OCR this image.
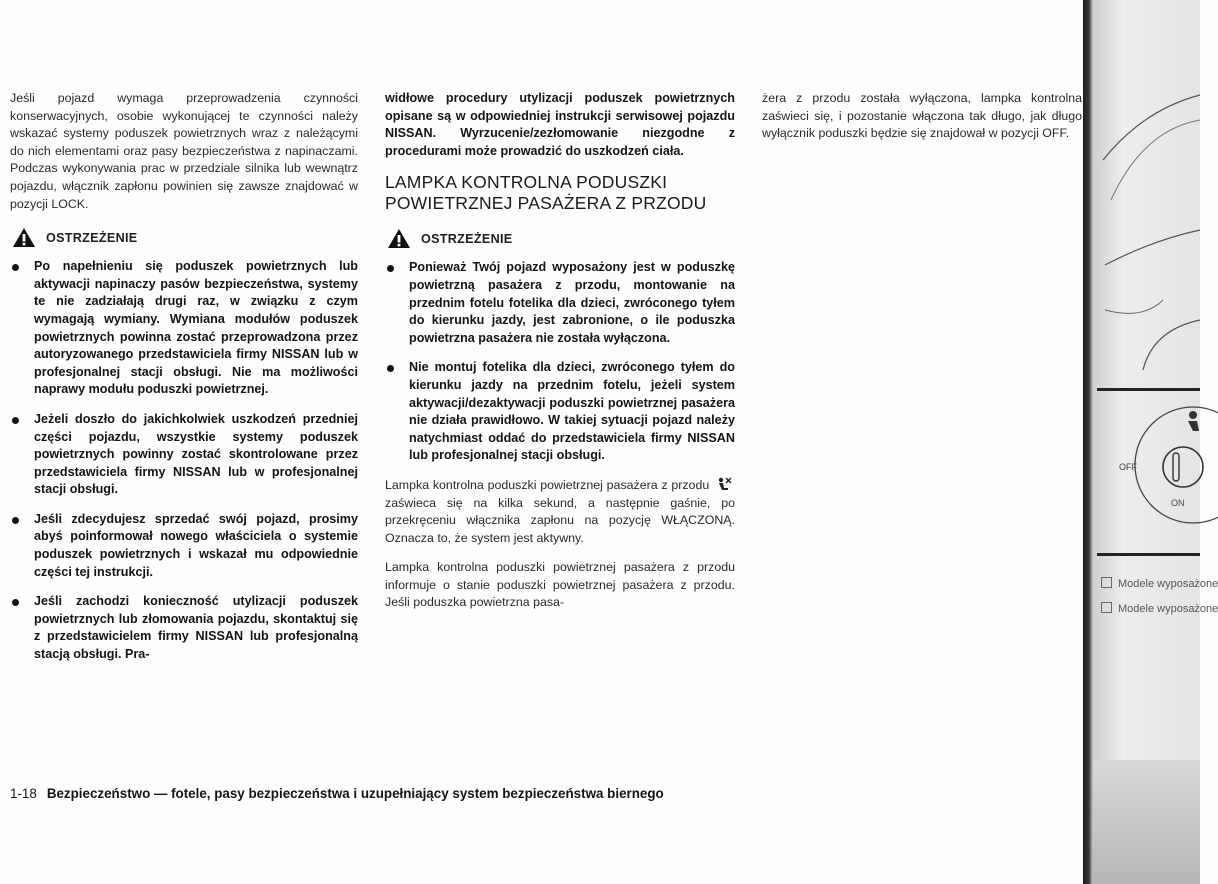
Jeśli pojazd wymaga przeprowadzenia czynności konserwacyjnych, osobie wykonującej te czynności należy wskazać systemy poduszek powietrznych wraz z należącymi do nich elementami oraz pasy bezpieczeństwa z napinaczami. Podczas wykonywania prac w przedziale silnika lub wewnątrz pojazdu, włącznik zapłonu powinien się zawsze znajdować w pozycji LOCK.

OSTRZEŻENIE
Po napełnieniu się poduszek powietrznych lub aktywacji napinaczy pasów bezpieczeństwa, systemy te nie zadziałają drugi raz, w związku z czym wymagają wymiany. Wymiana modułów poduszek powietrznych powinna zostać przeprowadzona przez autoryzowanego przedstawiciela firmy NISSAN lub w profesjonalnej stacji obsługi. Nie ma możliwości naprawy modułu poduszki powietrznej.
Jeżeli doszło do jakichkolwiek uszkodzeń przedniej części pojazdu, wszystkie systemy poduszek powietrznych powinny zostać skontrolowane przez przedstawiciela firmy NISSAN lub w profesjonalnej stacji obsługi.
Jeśli zdecydujesz sprzedać swój pojazd, prosimy abyś poinformował nowego właściciela o systemie poduszek powietrznych i wskazał mu odpowiednie części tej instrukcji.
Jeśli zachodzi konieczność utylizacji poduszek powietrznych lub złomowania pojazdu, skontaktuj się z przedstawicielem firmy NISSAN lub profesjonalną stacją obsługi. Pra-

widłowe procedury utylizacji poduszek powietrznych opisane są w odpowiedniej instrukcji serwisowej pojazdu NISSAN. Wyrzucenie/zezłomowanie niezgodne z procedurami może prowadzić do uszkodzeń ciała.

LAMPKA KONTROLNA PODUSZKI POWIETRZNEJ PASAŻERA Z PRZODU
OSTRZEŻENIE
Ponieważ Twój pojazd wyposażony jest w poduszkę powietrzną pasażera z przodu, montowanie na przednim fotelu fotelika dla dzieci, zwróconego tyłem do kierunku jazdy, jest zabronione, o ile poduszka powietrzna pasażera nie została wyłączona.
Nie montuj fotelika dla dzieci, zwróconego tyłem do kierunku jazdy na przednim fotelu, jeżeli system aktywacji/dezaktywacji poduszki powietrznej pasażera nie działa prawidłowo. W takiej sytuacji pojazd należy natychmiast oddać do przedstawiciela firmy NISSAN lub profesjonalnej stacji obsługi.

Lampka kontrolna poduszki powietrznej pasażera z przodu  zaświeca się na kilka sekund, a następnie gaśnie, po przekręceniu włącznika zapłonu na pozycję WŁĄCZONĄ. Oznacza to, że system jest aktywny.

Lampka kontrolna poduszki powietrznej pasażera z przodu informuje o stanie poduszki powietrznej pasażera z przodu. Jeśli poduszka powietrzna pasa-

żera z przodu została wyłączona, lampka kontrolna zaświeci się, i pozostanie włączona tak długo, jak długo wyłącznik poduszki będzie się znajdował w pozycji OFF.

OFF
ON
Modele wyposażone
Modele wyposażone
1-18 Bezpieczeństwo — fotele, pasy bezpieczeństwa i uzupełniający system bezpieczeństwa biernego
